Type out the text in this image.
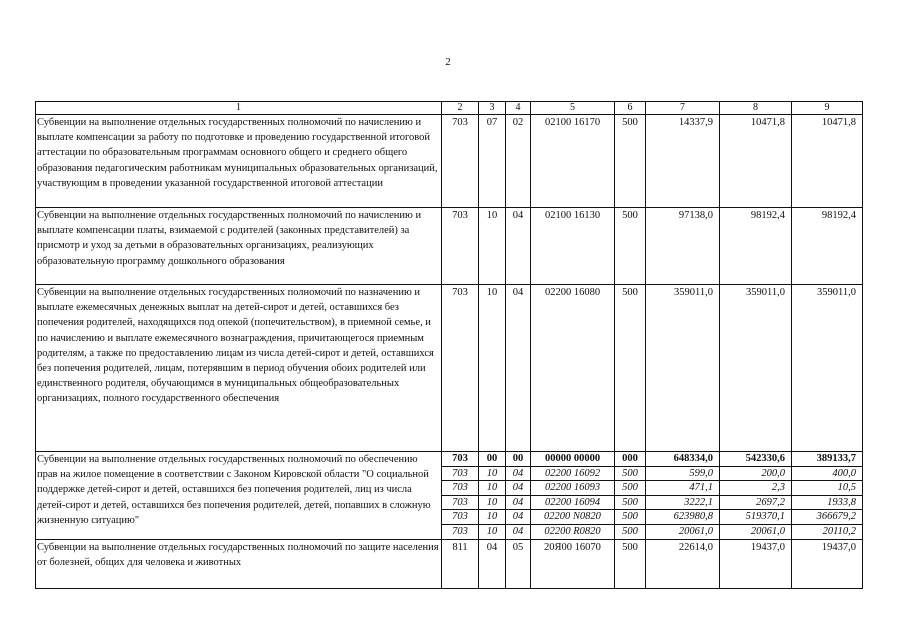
2
1	2	3	4	5	6	7	8	9
Субвенции на выполнение отдельных государственных полномочий по начислению и выплате компенсации за работу по подготовке и проведению государственной итоговой аттестации по образовательным программам основного общего и среднего общего образования педагогическим работникам муниципальных образовательных организаций, участвующим в проведении указанной государственной итоговой аттестации	703	07	02	02100 16170	500	14337,9	10471,8	10471,8
Субвенции на выполнение отдельных государственных полномочий по начислению и выплате компенсации платы, взимаемой с родителей (законных представителей) за присмотр и уход за детьми в образовательных организациях, реализующих образовательную программу дошкольного образования	703	10	04	02100 16130	500	97138,0	98192,4	98192,4
Субвенции на выполнение отдельных государственных полномочий по назначению и выплате ежемесячных денежных выплат на детей-сирот и детей, оставшихся без попечения родителей, находящихся под опекой (попечительством), в приемной семье, и по начислению и выплате ежемесячного вознаграждения, причитающегося приемным родителям, а также по предоставлению лицам из числа детей-сирот и детей, оставшихся без попечения родителей, лицам, потерявшим в период обучения обоих родителей или единственного родителя, обучающимся в муниципальных общеобразовательных организациях, полного государственного обеспечения	703	10	04	02200 16080	500	359011,0	359011,0	359011,0
Субвенции на выполнение отдельных государственных полномочий по обеспечению прав на жилое помещение в соответствии с Законом Кировской области "О социальной поддержке детей-сирот и детей, оставшихся без попечения родителей, лиц из числа детей-сирот и детей, оставшихся без попечения родителей, детей, попавших в сложную жизненную ситуацию"	703	00	00	00000 00000	000	648334,0	542330,6	389133,7
	703	10	04	02200 16092	500	599,0	200,0	400,0
	703	10	04	02200 16093	500	471,1	2,3	10,5
	703	10	04	02200 16094	500	3222,1	2697,2	1933,8
	703	10	04	02200 N0820	500	623980,8	519370,1	366679,2
	703	10	04	02200 R0820	500	20061,0	20061,0	20110,2
Субвенции на выполнение отдельных государственных полномочий по защите населения от болезней, общих для человека и животных	811	04	05	20Я00 16070	500	22614,0	19437,0	19437,0
